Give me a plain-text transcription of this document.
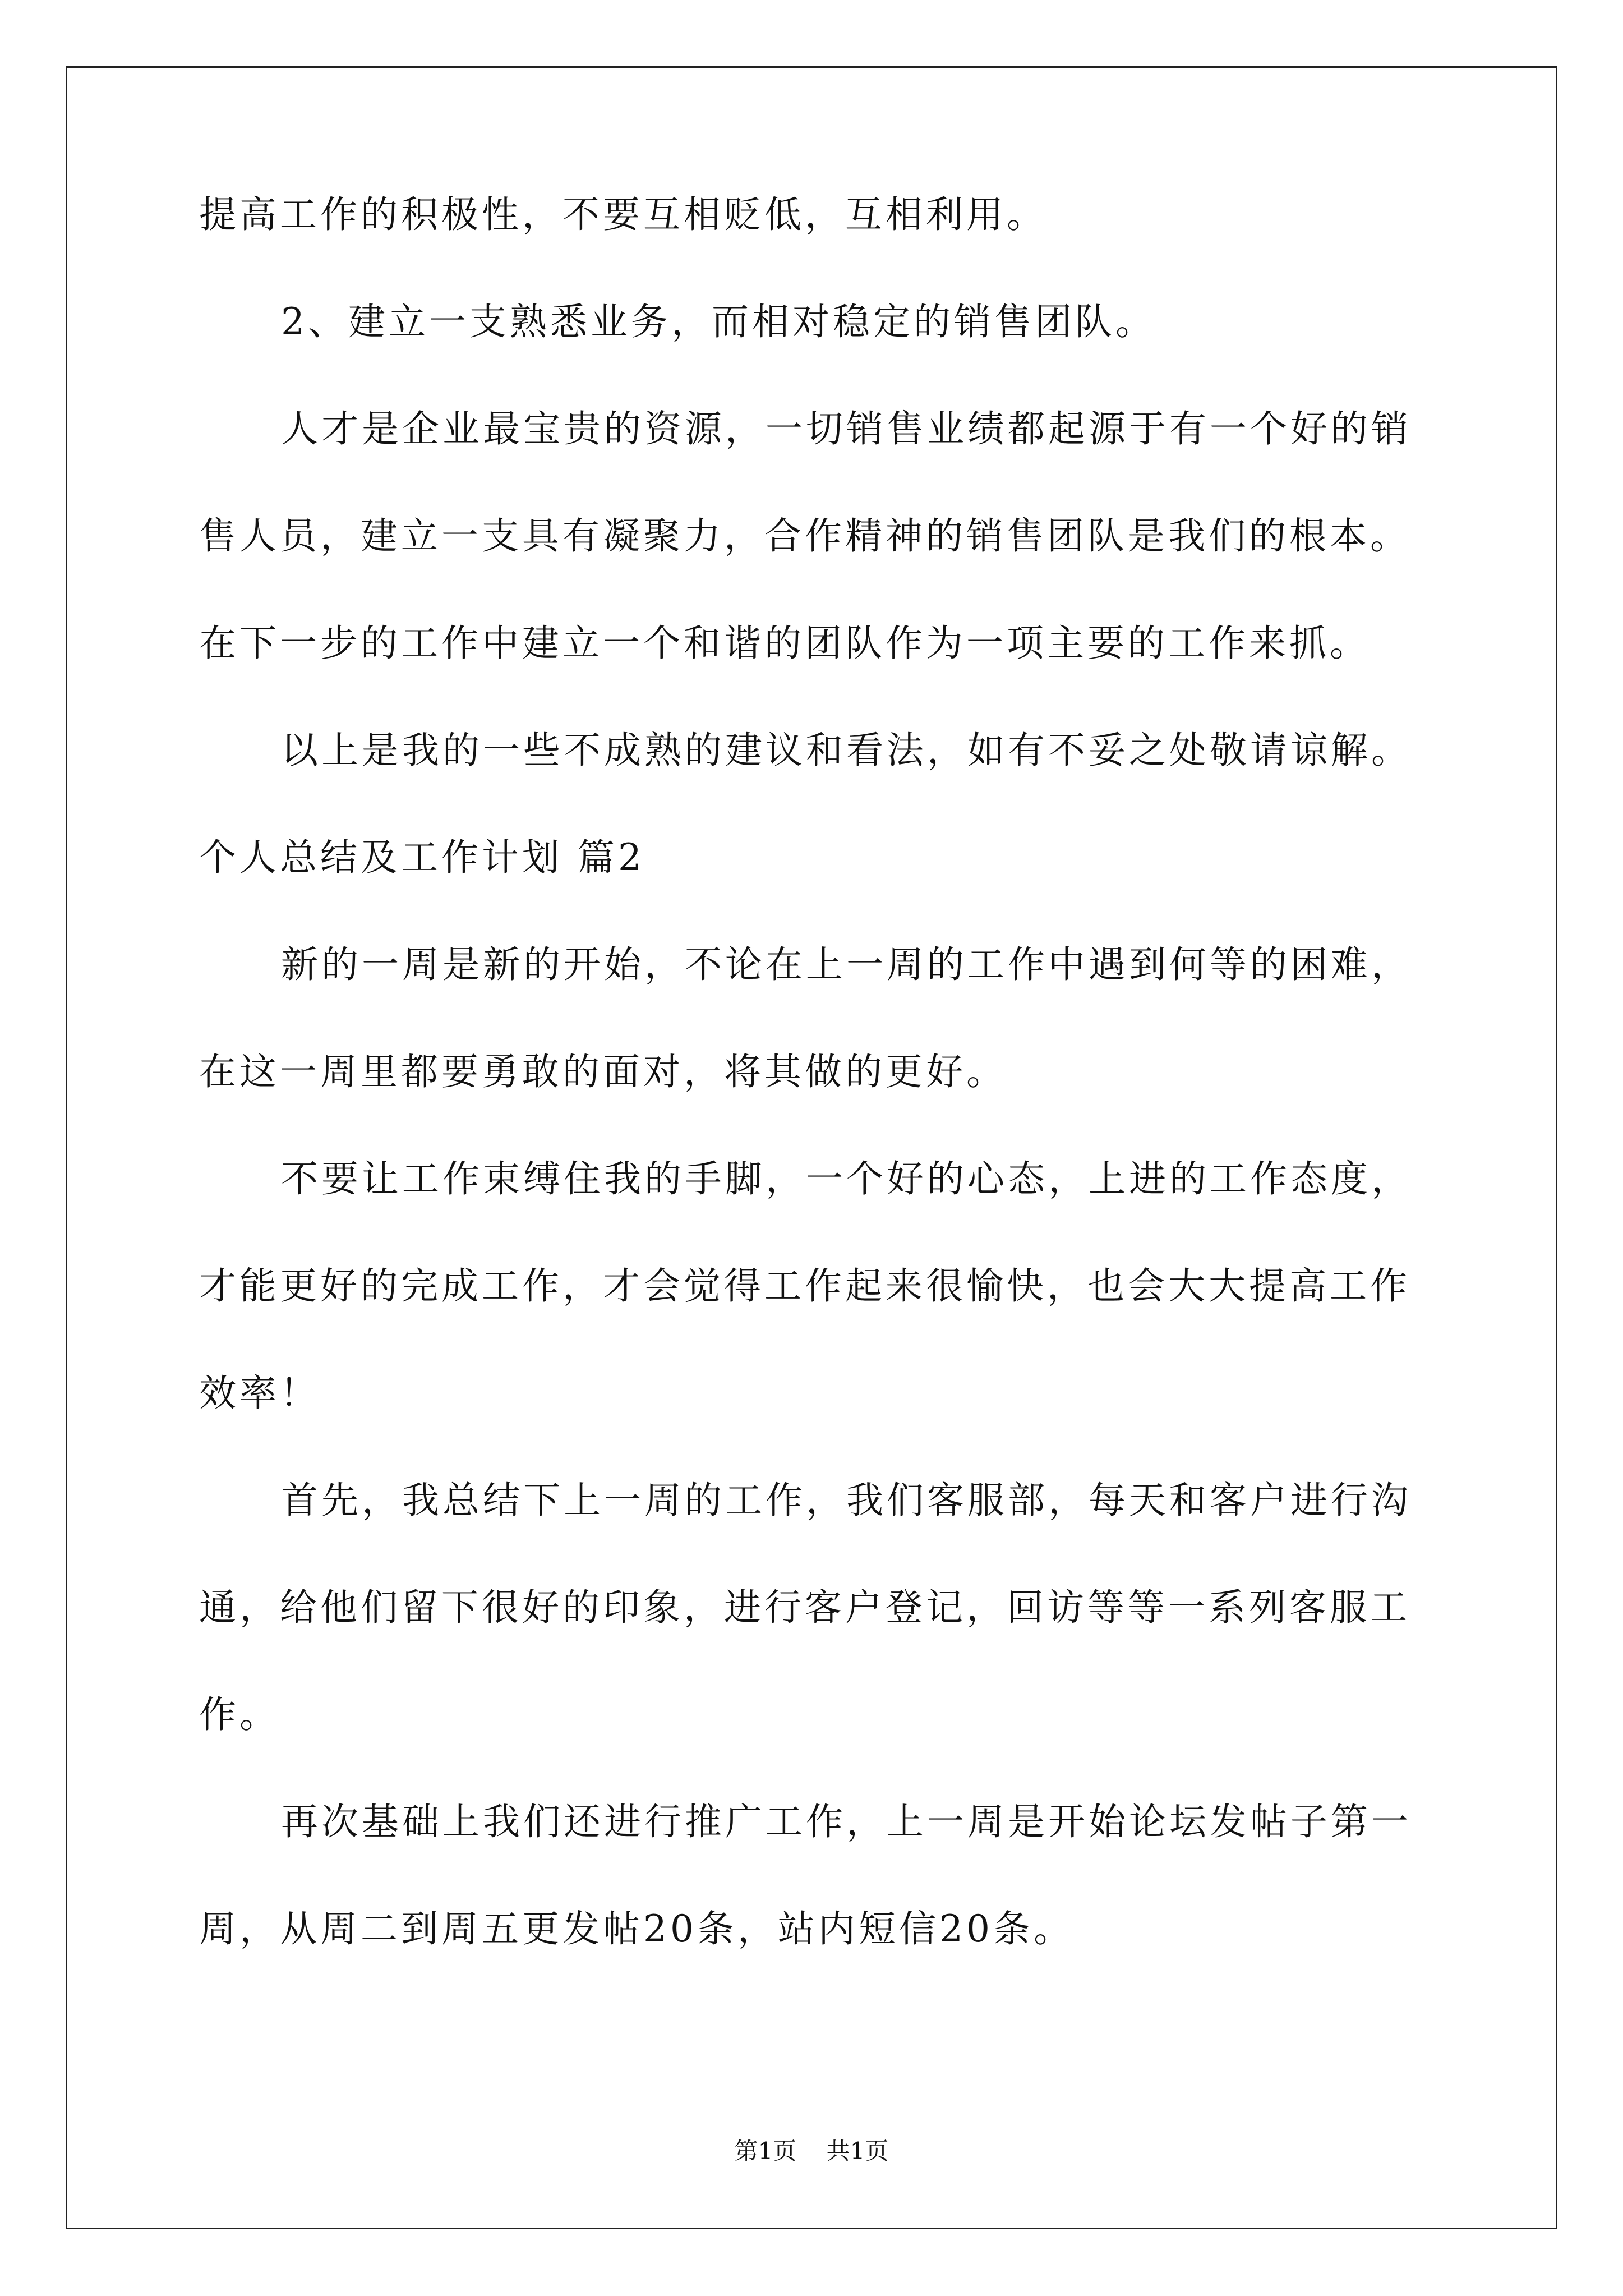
提高工作的积极性，不要互相贬低，互相利用。
2、建立一支熟悉业务，而相对稳定的销售团队。
人才是企业最宝贵的资源，一切销售业绩都起源于有一个好的销
售人员，建立一支具有凝聚力，合作精神的销售团队是我们的根本。
在下一步的工作中建立一个和谐的团队作为一项主要的工作来抓。
以上是我的一些不成熟的建议和看法，如有不妥之处敬请谅解。
个人总结及工作计划 篇2
新的一周是新的开始，不论在上一周的工作中遇到何等的困难，
在这一周里都要勇敢的面对，将其做的更好。
不要让工作束缚住我的手脚，一个好的心态，上进的工作态度，
才能更好的完成工作，才会觉得工作起来很愉快，也会大大提高工作
效率！
首先，我总结下上一周的工作，我们客服部，每天和客户进行沟
通，给他们留下很好的印象，进行客户登记，回访等等一系列客服工
作。
再次基础上我们还进行推广工作，上一周是开始论坛发帖子第一
周，从周二到周五更发帖20条，站内短信20条。
第1页 共1页
